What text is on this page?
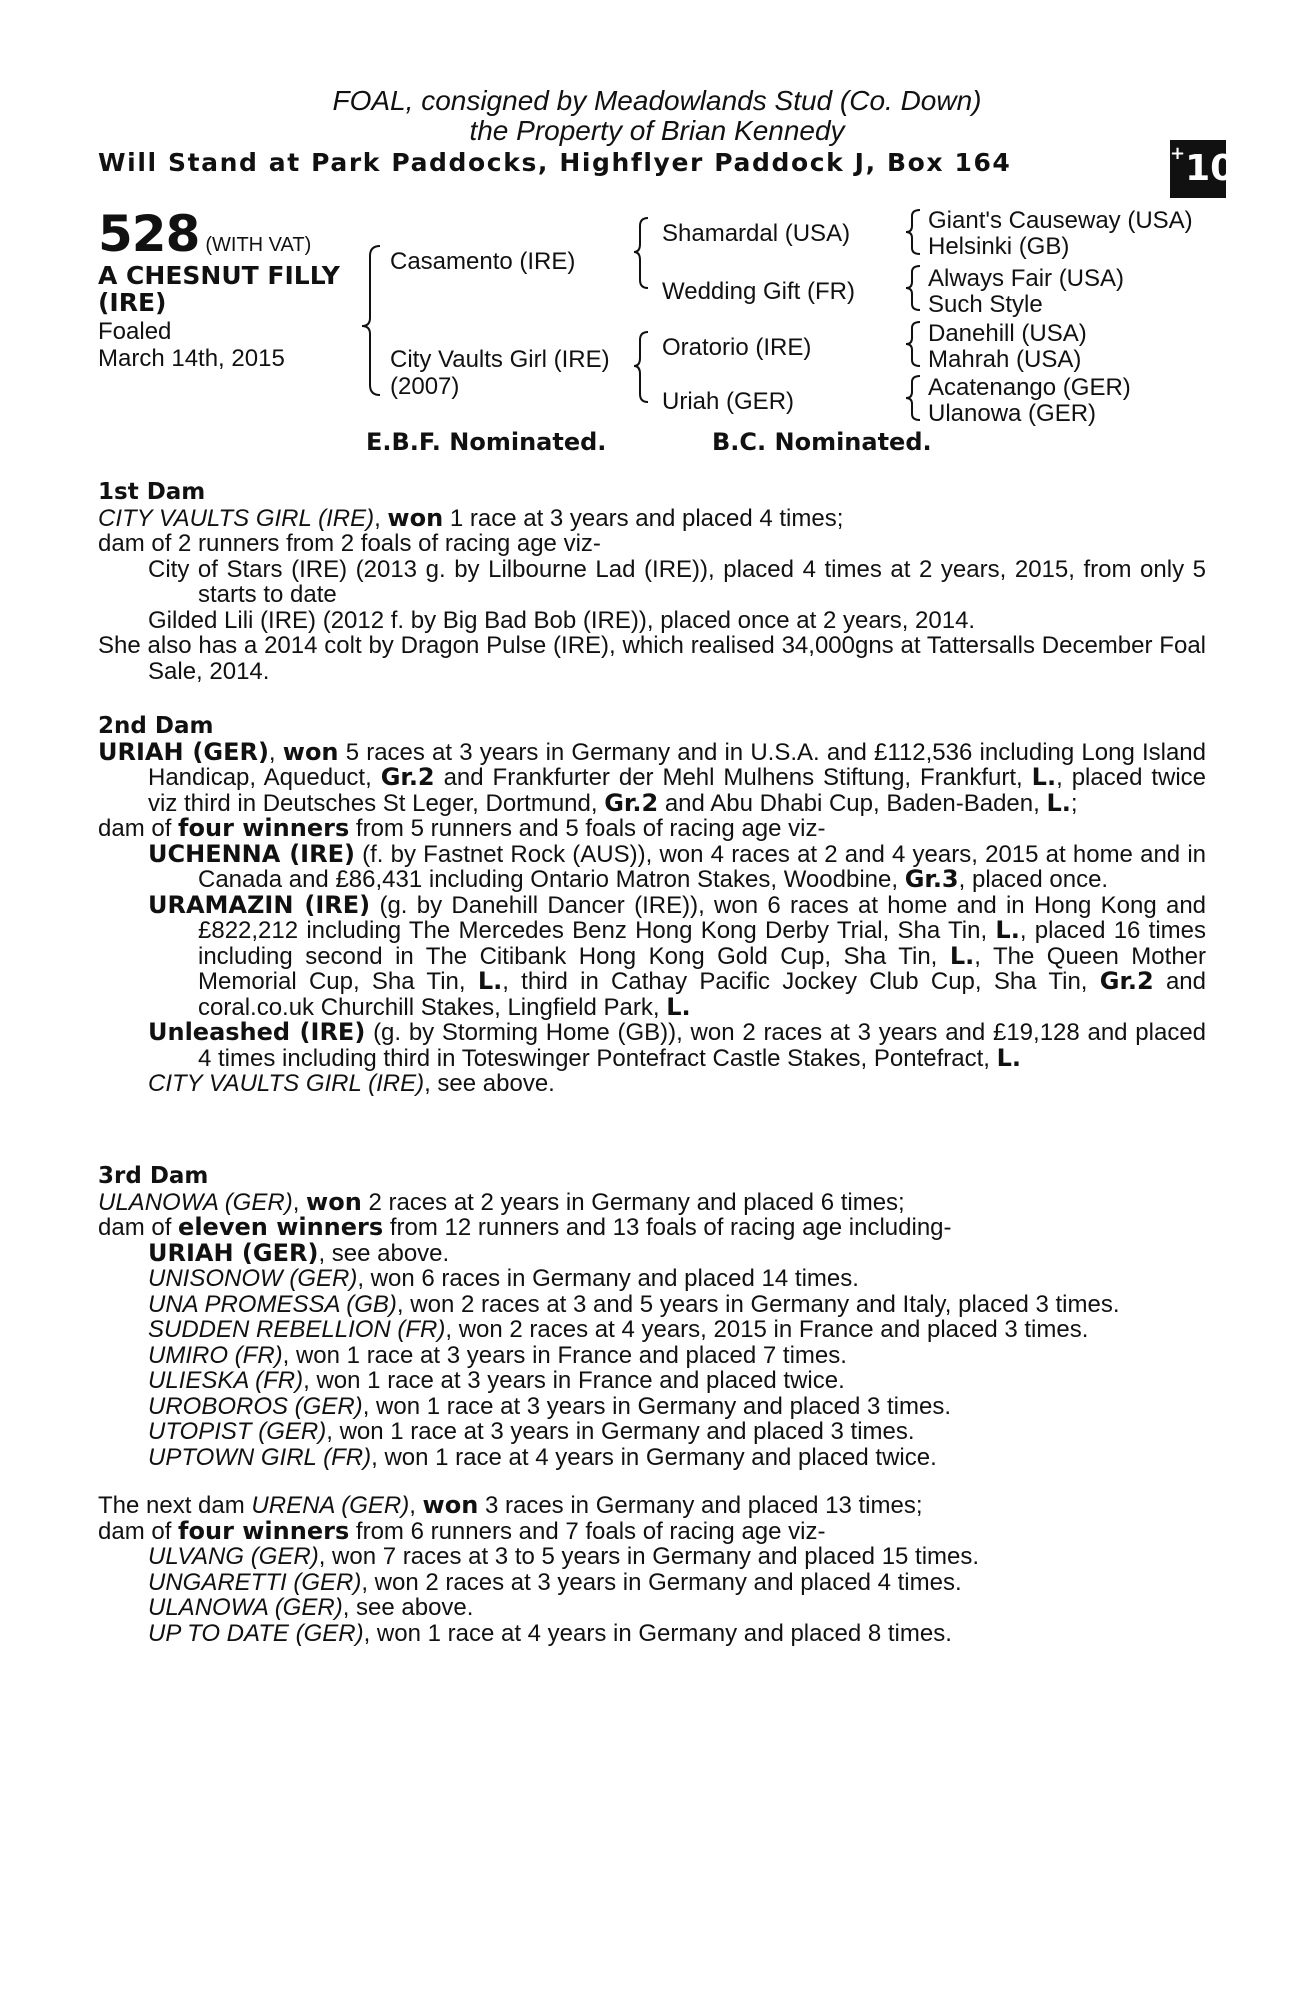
FOAL, consigned by Meadowlands Stud (Co. Down)
the Property of Brian Kennedy
Will Stand at Park Paddocks, Highflyer Paddock J, Box 164	+10
528 (WITH VAT)
A CHESNUT FILLY
(IRE)
Foaled
March 14th, 2015
Casamento (IRE)
City Vaults Girl (IRE)
(2007)
Shamardal (USA)
Wedding Gift (FR)
Oratorio (IRE)
Uriah (GER)
Giant's Causeway (USA)
Helsinki (GB)
Always Fair (USA)
Such Style
Danehill (USA)
Mahrah (USA)
Acatenango (GER)
Ulanowa (GER)
E.B.F. Nominated.	B.C. Nominated.
1st Dam

CITY VAULTS GIRL (IRE), won 1 race at 3 years and placed 4 times;

dam of 2 runners from 2 foals of racing age viz-

City of Stars (IRE) (2013 g. by Lilbourne Lad (IRE)), placed 4 times at 2 years, 2015, from only 5 starts to date

Gilded Lili (IRE) (2012 f. by Big Bad Bob (IRE)), placed once at 2 years, 2014.

She also has a 2014 colt by Dragon Pulse (IRE), which realised 34,000gns at Tattersalls December Foal Sale, 2014.

2nd Dam

URIAH (GER), won 5 races at 3 years in Germany and in U.S.A. and £112,536 including Long Island Handicap, Aqueduct, Gr.2 and Frankfurter der Mehl Mulhens Stiftung, Frankfurt, L., placed twice viz third in Deutsches St Leger, Dortmund, Gr.2 and Abu Dhabi Cup, Baden-Baden, L.;

dam of four winners from 5 runners and 5 foals of racing age viz-

UCHENNA (IRE) (f. by Fastnet Rock (AUS)), won 4 races at 2 and 4 years, 2015 at home and in Canada and £86,431 including Ontario Matron Stakes, Woodbine, Gr.3, placed once.

URAMAZIN (IRE) (g. by Danehill Dancer (IRE)), won 6 races at home and in Hong Kong and £822,212 including The Mercedes Benz Hong Kong Derby Trial, Sha Tin, L., placed 16 times including second in The Citibank Hong Kong Gold Cup, Sha Tin, L., The Queen Mother Memorial Cup, Sha Tin, L., third in Cathay Pacific Jockey Club Cup, Sha Tin, Gr.2 and coral.co.uk Churchill Stakes, Lingfield Park, L.

Unleashed (IRE) (g. by Storming Home (GB)), won 2 races at 3 years and £19,128 and placed 4 times including third in Toteswinger Pontefract Castle Stakes, Pontefract, L.

CITY VAULTS GIRL (IRE), see above.

3rd Dam

ULANOWA (GER), won 2 races at 2 years in Germany and placed 6 times;

dam of eleven winners from 12 runners and 13 foals of racing age including-

URIAH (GER), see above.

UNISONOW (GER), won 6 races in Germany and placed 14 times.

UNA PROMESSA (GB), won 2 races at 3 and 5 years in Germany and Italy, placed 3 times.

SUDDEN REBELLION (FR), won 2 races at 4 years, 2015 in France and placed 3 times.

UMIRO (FR), won 1 race at 3 years in France and placed 7 times.

ULIESKA (FR), won 1 race at 3 years in France and placed twice.

UROBOROS (GER), won 1 race at 3 years in Germany and placed 3 times.

UTOPIST (GER), won 1 race at 3 years in Germany and placed 3 times.

UPTOWN GIRL (FR), won 1 race at 4 years in Germany and placed twice.

The next dam URENA (GER), won 3 races in Germany and placed 13 times;

dam of four winners from 6 runners and 7 foals of racing age viz-

ULVANG (GER), won 7 races at 3 to 5 years in Germany and placed 15 times.

UNGARETTI (GER), won 2 races at 3 years in Germany and placed 4 times.

ULANOWA (GER), see above.

UP TO DATE (GER), won 1 race at 4 years in Germany and placed 8 times.
